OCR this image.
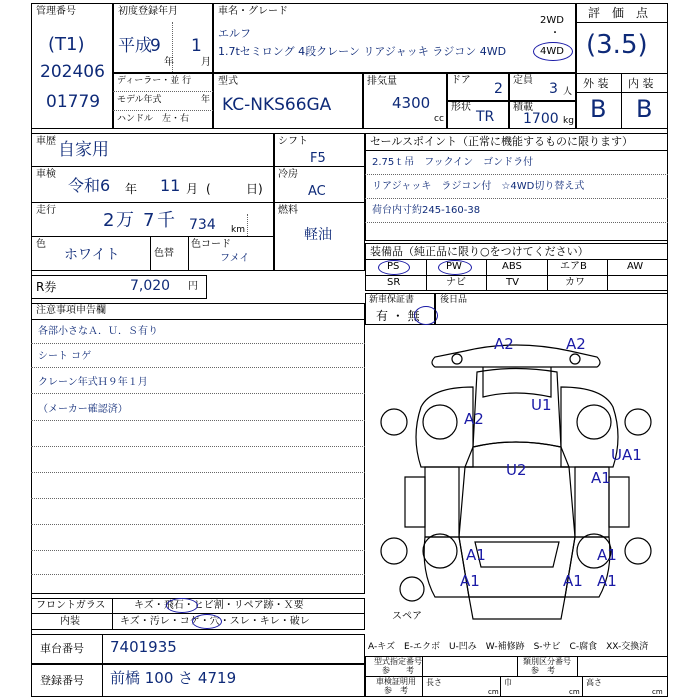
管理番号
(T1)
202406
01779
初度登録年月
平成
9 1
年	月
車名・グレード
エルフ
1.7tセミロング 4段クレーン リアジャッキ ラジコン 4WD
2WD
・
4WD
評　価　点
(3.5)
外 装 内 装
B B
ディーラー・並 行
モデル年式	年
ハンドル　左・右
型式
KC-NKS66GA
排気量
4300
cc
ドア
2
定員
3 人
形状
TR
積載
1700 kg
車歴 自家用
車検
令和6 年 11 月 (	日)
走行	2 万 7 千 734 km
色
ホワイト	色替
色コード
フメイ
シフト
F5
冷房
AC
燃料
軽油
R券	7,020 円
セールスポイント（正常に機能するものに限ります）
2.75ｔ吊　フックイン　ゴンドラ付
リアジャッキ　ラジコン付　☆4WD切り替え式
荷台内寸約245-160-38
装備品（純正品に限り○をつけてください）
PS	PW	ABS	エアB	AW
SR	ナビ	TV	カワ
新車保証書
有 ・ 無
後日品
注意事項申告欄
各部小さなＡ．Ｕ．Ｓ有り
シート コゲ
クレーン年式Ｈ９年１月
（メーカー確認済）
フロントガラス	キズ・飛石・ヒビ割・リペア跡・Ｘ要
内装	キズ・汚レ・コゲ・穴・スレ・キレ・破レ
車台番号 7401935
登録番号 前橋 100 さ 4719
A-キズ　E-エクボ　U-凹み　W-補修跡　S-サビ　C-腐食　XX-交換済
型式指定番号
参　　考
類別区分番号
参　考
車検証明用
参　考
長さ
cm
巾
cm
高さ
cm
A2	A2
U1
A2
U2
UA1
A1
A1	A1
A1	A1 A1
スペア
